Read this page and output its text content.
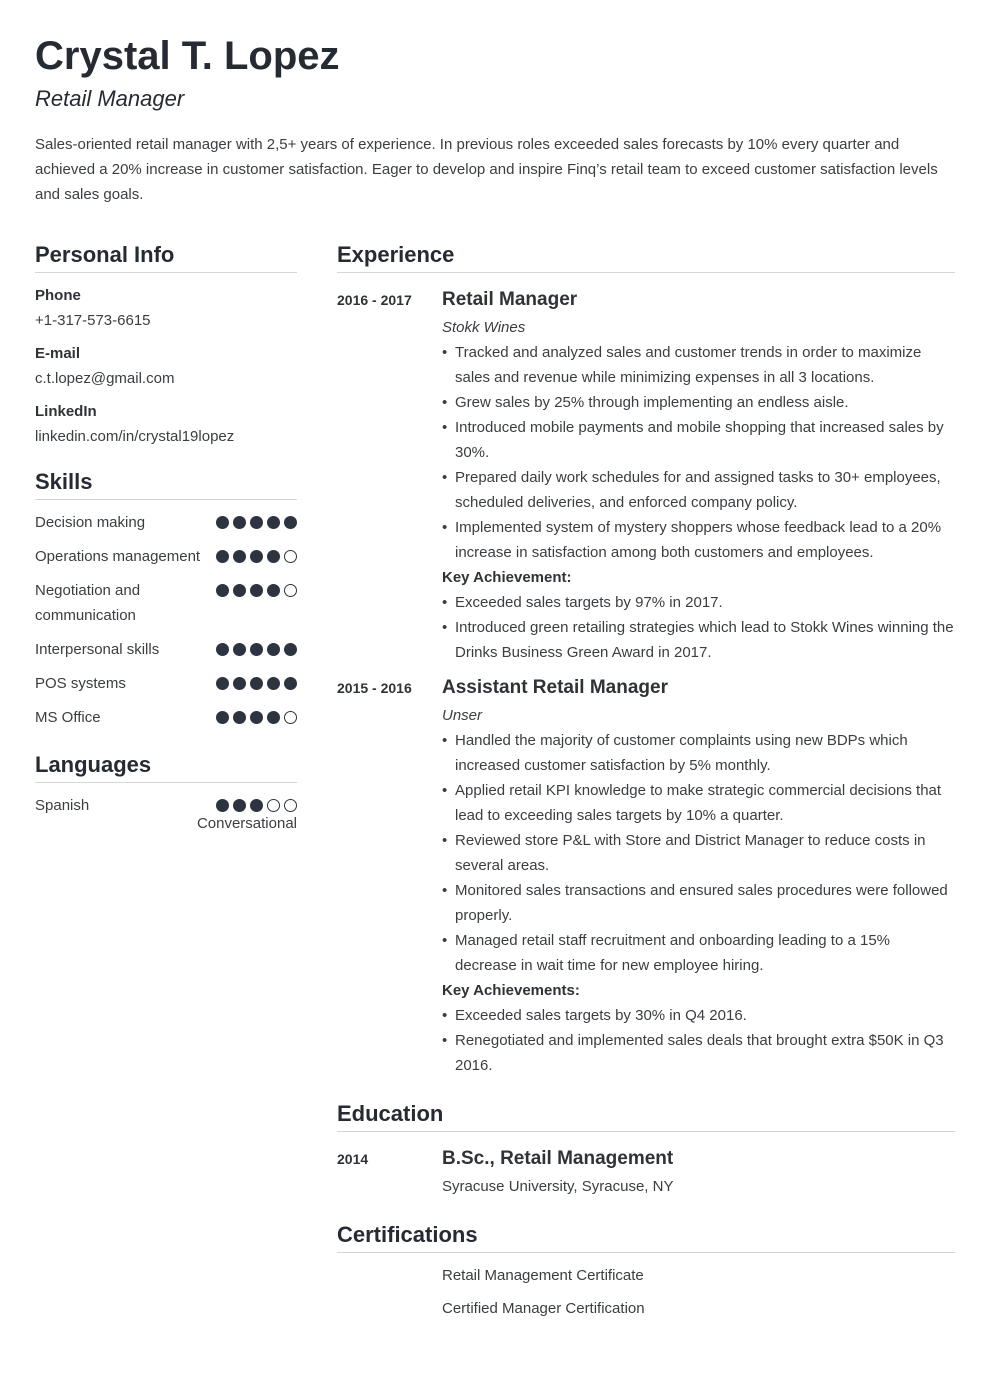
Crystal T. Lopez
Retail Manager

Sales-oriented retail manager with 2,5+ years of experience. In previous roles exceeded sales forecasts by 10% every quarter and achieved a 20% increase in customer satisfaction. Eager to develop and inspire Finq’s retail team to exceed customer satisfaction levels and sales goals.

Personal Info
Phone
+1-317-573-6615
E-mail
c.t.lopez@gmail.com
LinkedIn
linkedin.com/in/crystal19lopez
Skills
Decision making
Operations management
Negotiation and communication
Interpersonal skills
POS systems
MS Office
Languages
Spanish
Conversational
Experience
2016 - 2017	Retail Manager
Stokk Wines
• Tracked and analyzed sales and customer trends in order to maximize sales and revenue while minimizing expenses in all 3 locations.
• Grew sales by 25% through implementing an endless aisle.
• Introduced mobile payments and mobile shopping that increased sales by 30%.
• Prepared daily work schedules for and assigned tasks to 30+ employees, scheduled deliveries, and enforced company policy.
• Implemented system of mystery shoppers whose feedback lead to a 20% increase in satisfaction among both customers and employees.
Key Achievement:
• Exceeded sales targets by 97% in 2017.
• Introduced green retailing strategies which lead to Stokk Wines winning the Drinks Business Green Award in 2017.
2015 - 2016	Assistant Retail Manager
Unser
• Handled the majority of customer complaints using new BDPs which increased customer satisfaction by 5% monthly.
• Applied retail KPI knowledge to make strategic commercial decisions that lead to exceeding sales targets by 10% a quarter.
• Reviewed store P&L with Store and District Manager to reduce costs in several areas.
• Monitored sales transactions and ensured sales procedures were followed properly.
• Managed retail staff recruitment and onboarding leading to a 15% decrease in wait time for new employee hiring.
Key Achievements:
• Exceeded sales targets by 30% in Q4 2016.
• Renegotiated and implemented sales deals that brought extra $50K in Q3 2016.
Education
2014	B.Sc., Retail Management
Syracuse University, Syracuse, NY
Certifications
Retail Management Certificate
Certified Manager Certification
